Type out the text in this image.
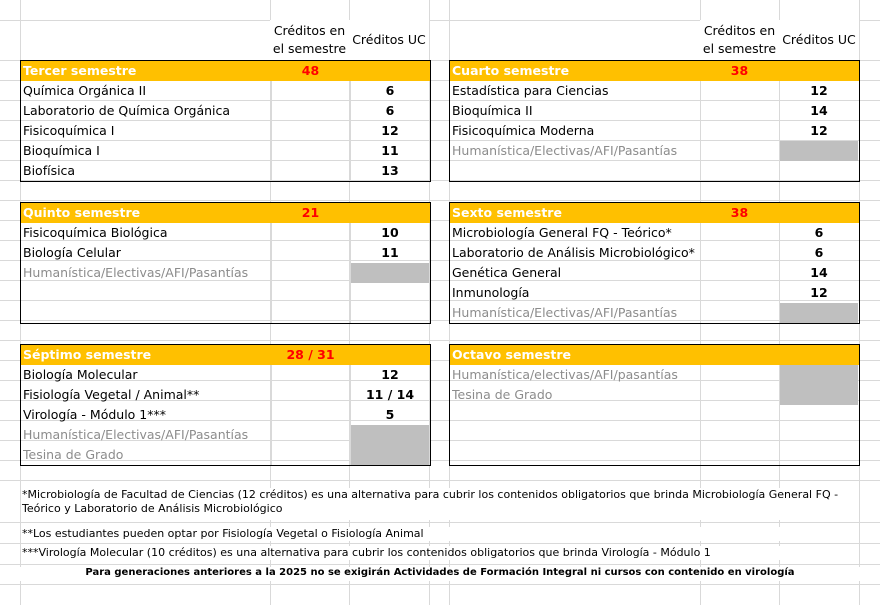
Créditos en el semestre
Créditos UC
Créditos en el semestre
Créditos UC
Tercer semestre	48
Química Orgánica II	6
Laboratorio de Química Orgánica	6
Fisicoquímica I	12
Bioquímica I	11
Biofísica	13
Cuarto semestre	38
Estadística para Ciencias	12
Bioquímica II	14
Fisicoquímica Moderna	12
Humanística/Electivas/AFI/Pasantías
Quinto semestre	21
Fisicoquímica Biológica	10
Biología Celular	11
Humanística/Electivas/AFI/Pasantías
Sexto semestre	38
Microbiología General FQ - Teórico*	6
Laboratorio de Análisis Microbiológico*	6
Genética General	14
Inmunología	12
Humanística/Electivas/AFI/Pasantías
Séptimo semestre	28 / 31
Biología Molecular	12
Fisiología Vegetal / Animal**	11 / 14
Virología - Módulo 1***	5
Humanística/Electivas/AFI/Pasantías
Tesina de Grado
Octavo semestre
Humanística/electivas/AFI/pasantías
Tesina de Grado
*Microbiología de Facultad de Ciencias (12 créditos) es una alternativa para cubrir los contenidos obligatorios que brinda Microbiología General FQ - Teórico y Laboratorio de Análisis Microbiológico
**Los estudiantes pueden optar por Fisiología Vegetal o Fisiología Animal
***Virología Molecular (10 créditos) es una alternativa para cubrir los contenidos obligatorios que brinda Virología - Módulo 1
Para generaciones anteriores a la 2025 no se exigirán Actividades de Formación Integral ni cursos con contenido en virología
